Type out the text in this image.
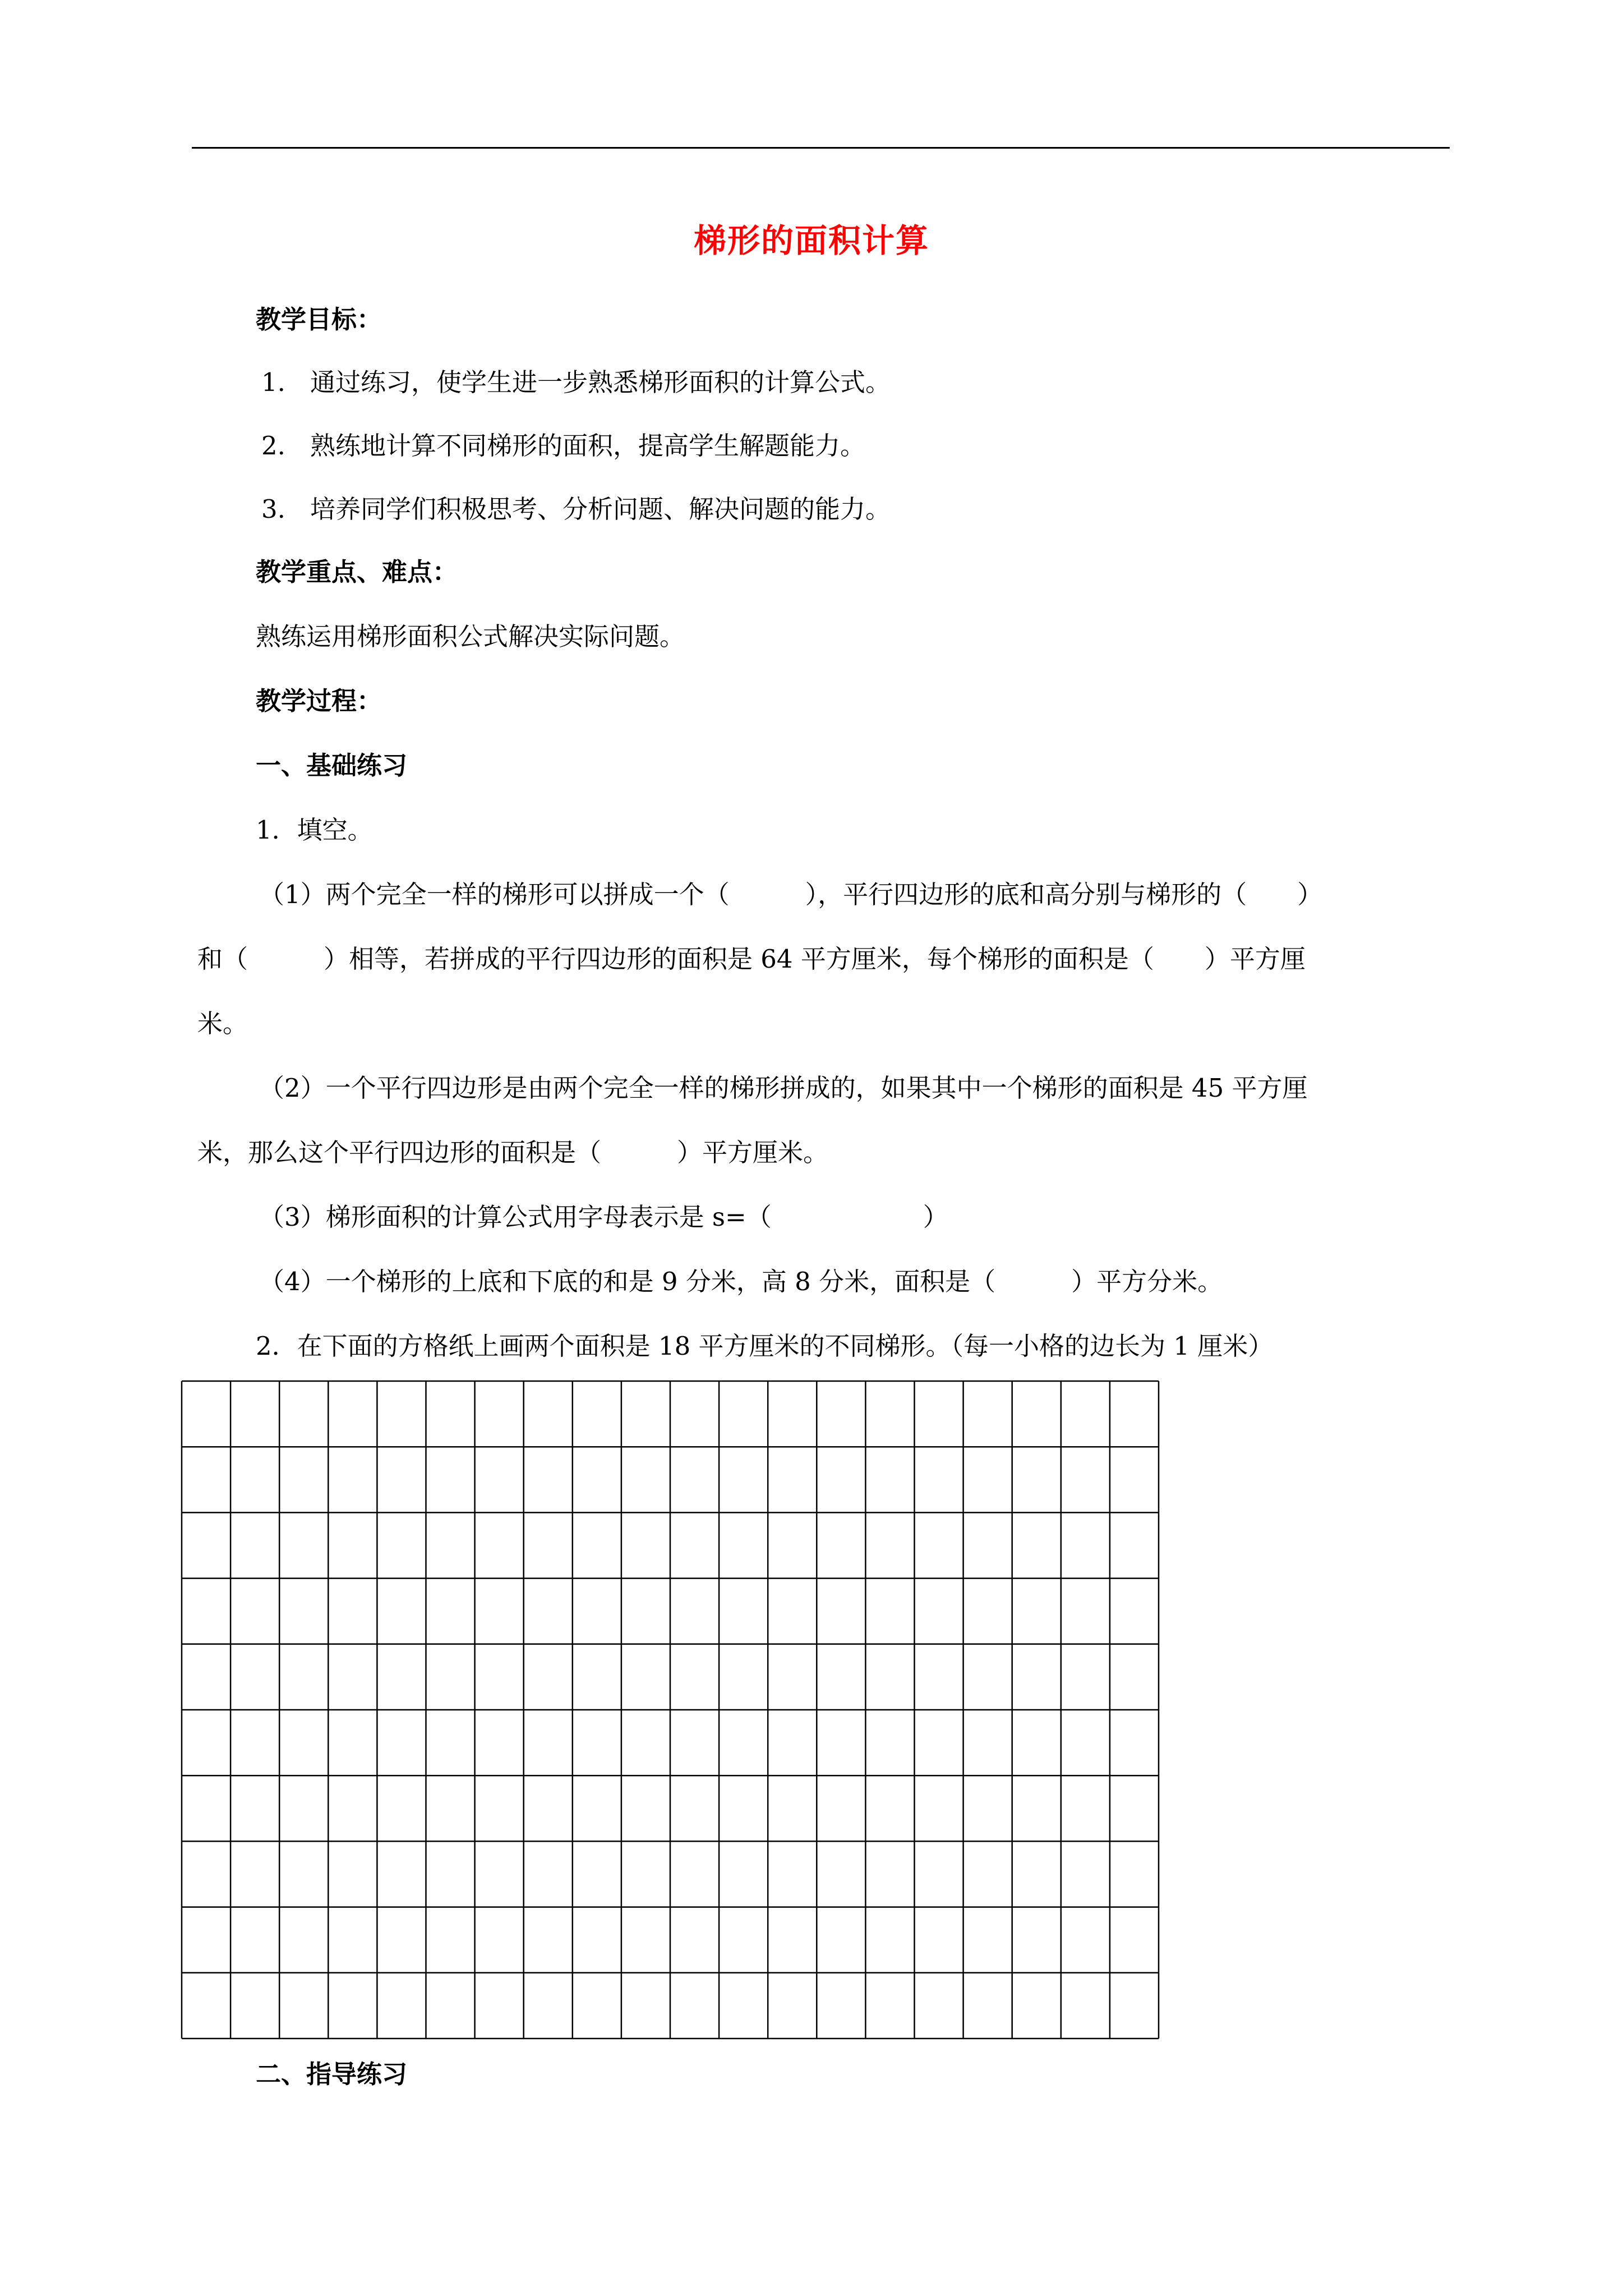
梯形的面积计算
教学目标：
1. 通过练习，使学生进一步熟悉梯形面积的计算公式。
2. 熟练地计算不同梯形的面积，提高学生解题能力。
3. 培养同学们积极思考、分析问题、解决问题的能力。
教学重点、难点：
熟练运用梯形面积公式解决实际问题。
教学过程：
一、基础练习
1．填空。
（1）两个完全一样的梯形可以拼成一个（　　　），平行四边形的底和高分别与梯形的（　　）
和（　　　）相等，若拼成的平行四边形的面积是 64 平方厘米，每个梯形的面积是（　　）平方厘
米。
（2）一个平行四边形是由两个完全一样的梯形拼成的，如果其中一个梯形的面积是 45 平方厘
米，那么这个平行四边形的面积是（　　　）平方厘米。
（3）梯形面积的计算公式用字母表示是 s=（　　　　　　）
（4）一个梯形的上底和下底的和是 9 分米，高 8 分米，面积是（　　　）平方分米。
2．在下面的方格纸上画两个面积是 18 平方厘米的不同梯形。（每一小格的边长为 1 厘米）
二、指导练习
